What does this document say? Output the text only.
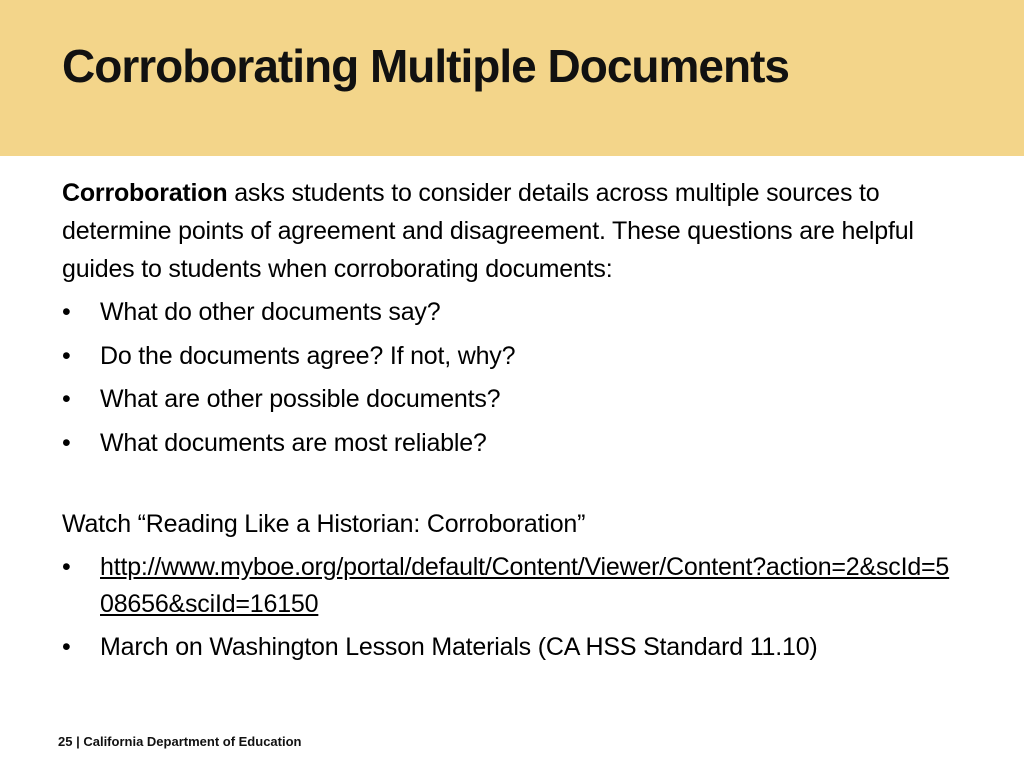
Corroborating Multiple Documents

Corroboration asks students to consider details across multiple sources to determine points of agreement and disagreement. These questions are helpful guides to students when corroborating documents:

• What do other documents say?
• Do the documents agree? If not, why?
• What are other possible documents?
• What documents are most reliable?

Watch “Reading Like a Historian: Corroboration”

• http://www.myboe.org/portal/default/Content/Viewer/Content?action=2&scId=508656&sciId=16150
• March on Washington Lesson Materials (CA HSS Standard 11.10)
25 | California Department of Education
